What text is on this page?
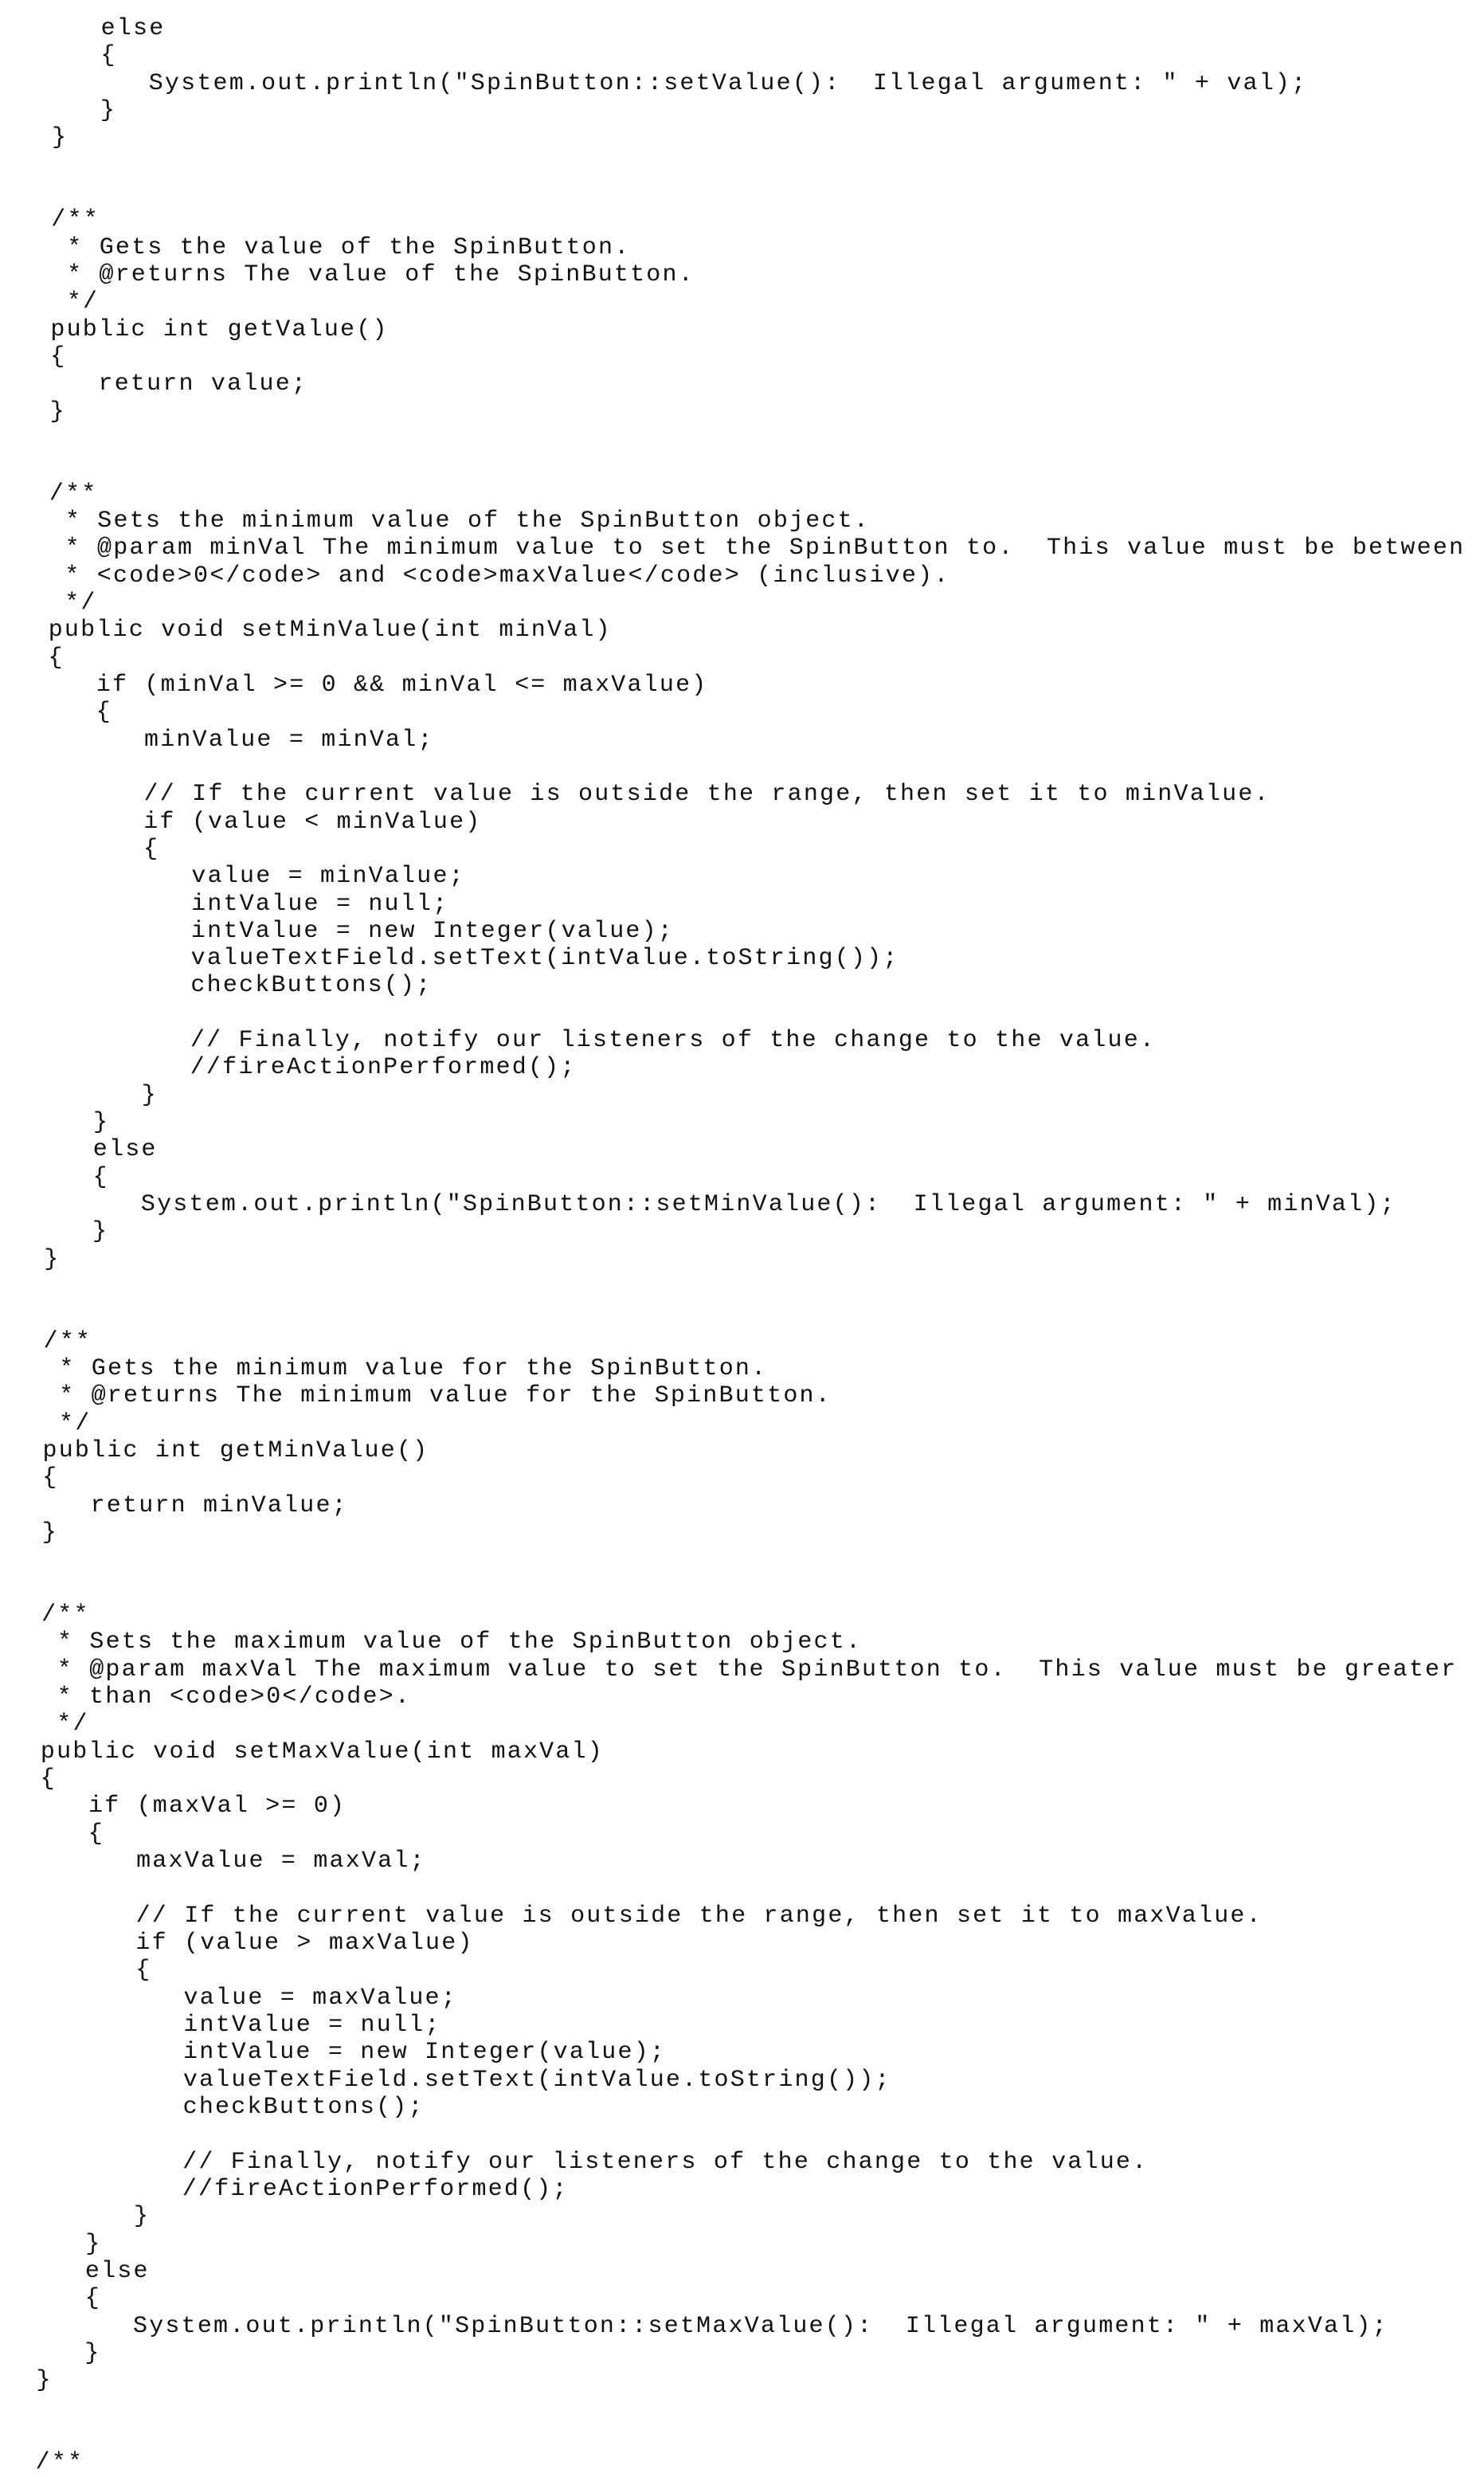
else
{
System.out.println("SpinButton::setValue():  Illegal argument: " + val);
}
}
/**
* Gets the value of the SpinButton.
* @returns The value of the SpinButton.
*/
public int getValue()
{
return value;
}
/**
* Sets the minimum value of the SpinButton object.
* @param minVal The minimum value to set the SpinButton to.  This value must be between
* <code>0</code> and <code>maxValue</code> (inclusive).
*/
public void setMinValue(int minVal)
{
if (minVal >= 0 && minVal <= maxValue)
{
minValue = minVal;
// If the current value is outside the range, then set it to minValue.
if (value < minValue)
{
value = minValue;
intValue = null;
intValue = new Integer(value);
valueTextField.setText(intValue.toString());
checkButtons();
// Finally, notify our listeners of the change to the value.
//fireActionPerformed();
}
}
else
{
System.out.println("SpinButton::setMinValue():  Illegal argument: " + minVal);
}
}
/**
* Gets the minimum value for the SpinButton.
* @returns The minimum value for the SpinButton.
*/
public int getMinValue()
{
return minValue;
}
/**
* Sets the maximum value of the SpinButton object.
* @param maxVal The maximum value to set the SpinButton to.  This value must be greater
* than <code>0</code>.
*/
public void setMaxValue(int maxVal)
{
if (maxVal >= 0)
{
maxValue = maxVal;
// If the current value is outside the range, then set it to maxValue.
if (value > maxValue)
{
value = maxValue;
intValue = null;
intValue = new Integer(value);
valueTextField.setText(intValue.toString());
checkButtons();
// Finally, notify our listeners of the change to the value.
//fireActionPerformed();
}
}
else
{
System.out.println("SpinButton::setMaxValue():  Illegal argument: " + maxVal);
}
}
/**
